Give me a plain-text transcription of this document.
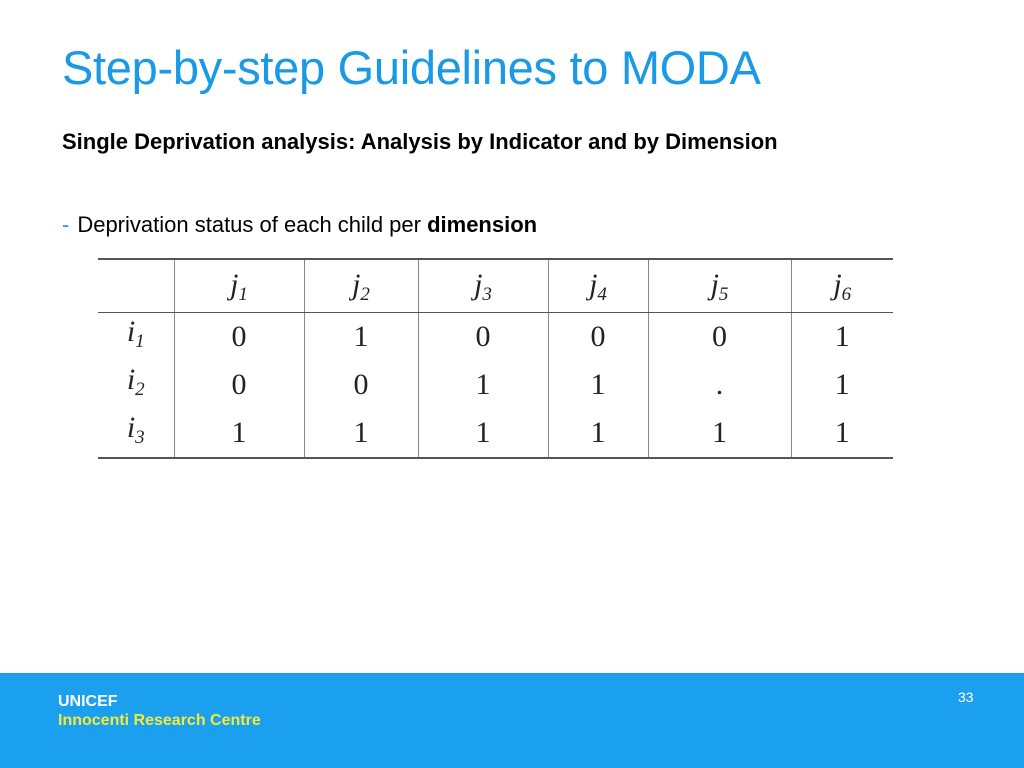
Step-by-step Guidelines to MODA
Single Deprivation analysis: Analysis by Indicator and by Dimension
- Deprivation status of each child per dimension
	$j_1$	$j_2$	$j_3$	$j_4$	$j_5$	$j_6$
$i_1$	0	1	0	0	0	1
$i_2$	0	0	1	1	.	1
$i_3$	1	1	1	1	1	1
UNICEF
Innocenti Research Centre
33
